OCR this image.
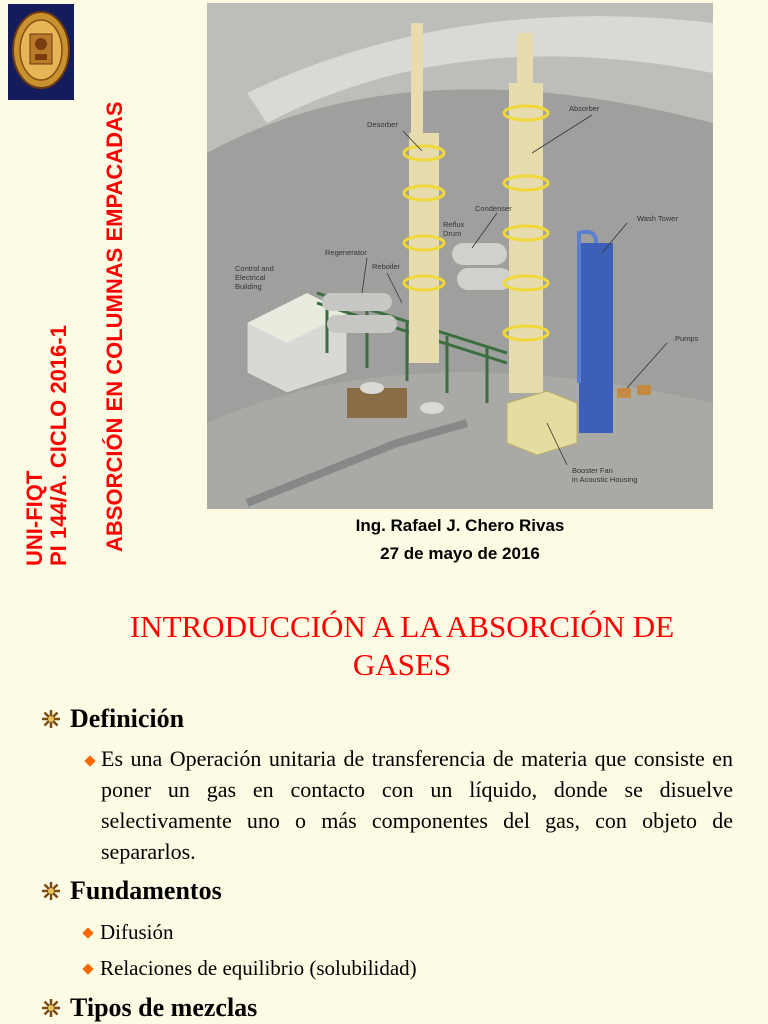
UNI-FIQT PI 144/A. CICLO 2016-1 ABSORCIÓN EN COLUMNAS EMPACADAS	Desorber
Absorber
Condenser
Reflux
Drum
Regenerator
Reboiler
Control and
Electrical
Building
Wash Tower
Pumps
Booster Fan
in Acoustic Housing
Ing. Rafael J. Chero Rivas
27 de mayo de 2016
INTRODUCCIÓN A LA ABSORCIÓN DE
GASES
Definición
Es una Operación unitaria de transferencia de materia que consiste en poner un gas en contacto con un líquido, donde se disuelve selectivamente uno o más componentes del gas, con objeto de separarlos.
Fundamentos
Difusión
Relaciones de equilibrio (solubilidad)
Tipos de mezclas
